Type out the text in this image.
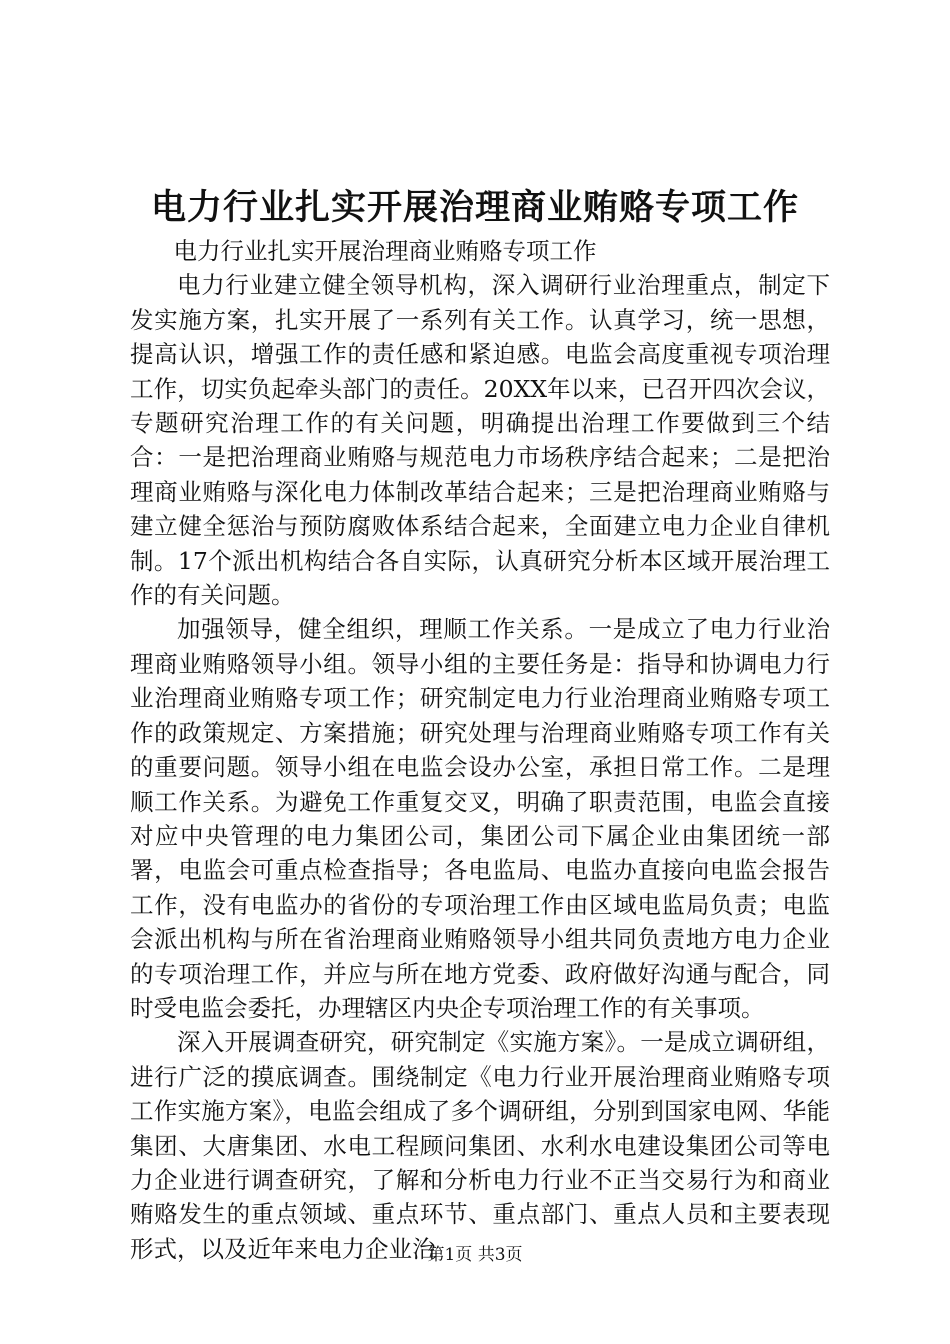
电力行业扎实开展治理商业贿赂专项工作

电力行业扎实开展治理商业贿赂专项工作

电力行业建立健全领导机构，深入调研行业治理重点，制定下发实施方案，扎实开展了一系列有关工作。认真学习，统一思想，提高认识，增强工作的责任感和紧迫感。电监会高度重视专项治理工作，切实负起牵头部门的责任。20XX年以来，已召开四次会议，专题研究治理工作的有关问题，明确提出治理工作要做到三个结合：一是把治理商业贿赂与规范电力市场秩序结合起来；二是把治理商业贿赂与深化电力体制改革结合起来；三是把治理商业贿赂与建立健全惩治与预防腐败体系结合起来，全面建立电力企业自律机制。17个派出机构结合各自实际，认真研究分析本区域开展治理工作的有关问题。

加强领导，健全组织，理顺工作关系。一是成立了电力行业治理商业贿赂领导小组。领导小组的主要任务是：指导和协调电力行业治理商业贿赂专项工作；研究制定电力行业治理商业贿赂专项工作的政策规定、方案措施；研究处理与治理商业贿赂专项工作有关的重要问题。领导小组在电监会设办公室，承担日常工作。二是理顺工作关系。为避免工作重复交叉，明确了职责范围，电监会直接对应中央管理的电力集团公司，集团公司下属企业由集团统一部署，电监会可重点检查指导；各电监局、电监办直接向电监会报告工作，没有电监办的省份的专项治理工作由区域电监局负责；电监会派出机构与所在省治理商业贿赂领导小组共同负责地方电力企业的专项治理工作，并应与所在地方党委、政府做好沟通与配合，同时受电监会委托，办理辖区内央企专项治理工作的有关事项。

深入开展调查研究，研究制定《实施方案》。一是成立调研组，进行广泛的摸底调查。围绕制定《电力行业开展治理商业贿赂专项工作实施方案》，电监会组成了多个调研组，分别到国家电网、华能集团、大唐集团、水电工程顾问集团、水利水电建设集团公司等电力企业进行调查研究，了解和分析电力行业不正当交易行为和商业贿赂发生的重点领域、重点环节、重点部门、重点人员和主要表现形式，以及近年来电力企业治

第1页 共3页
